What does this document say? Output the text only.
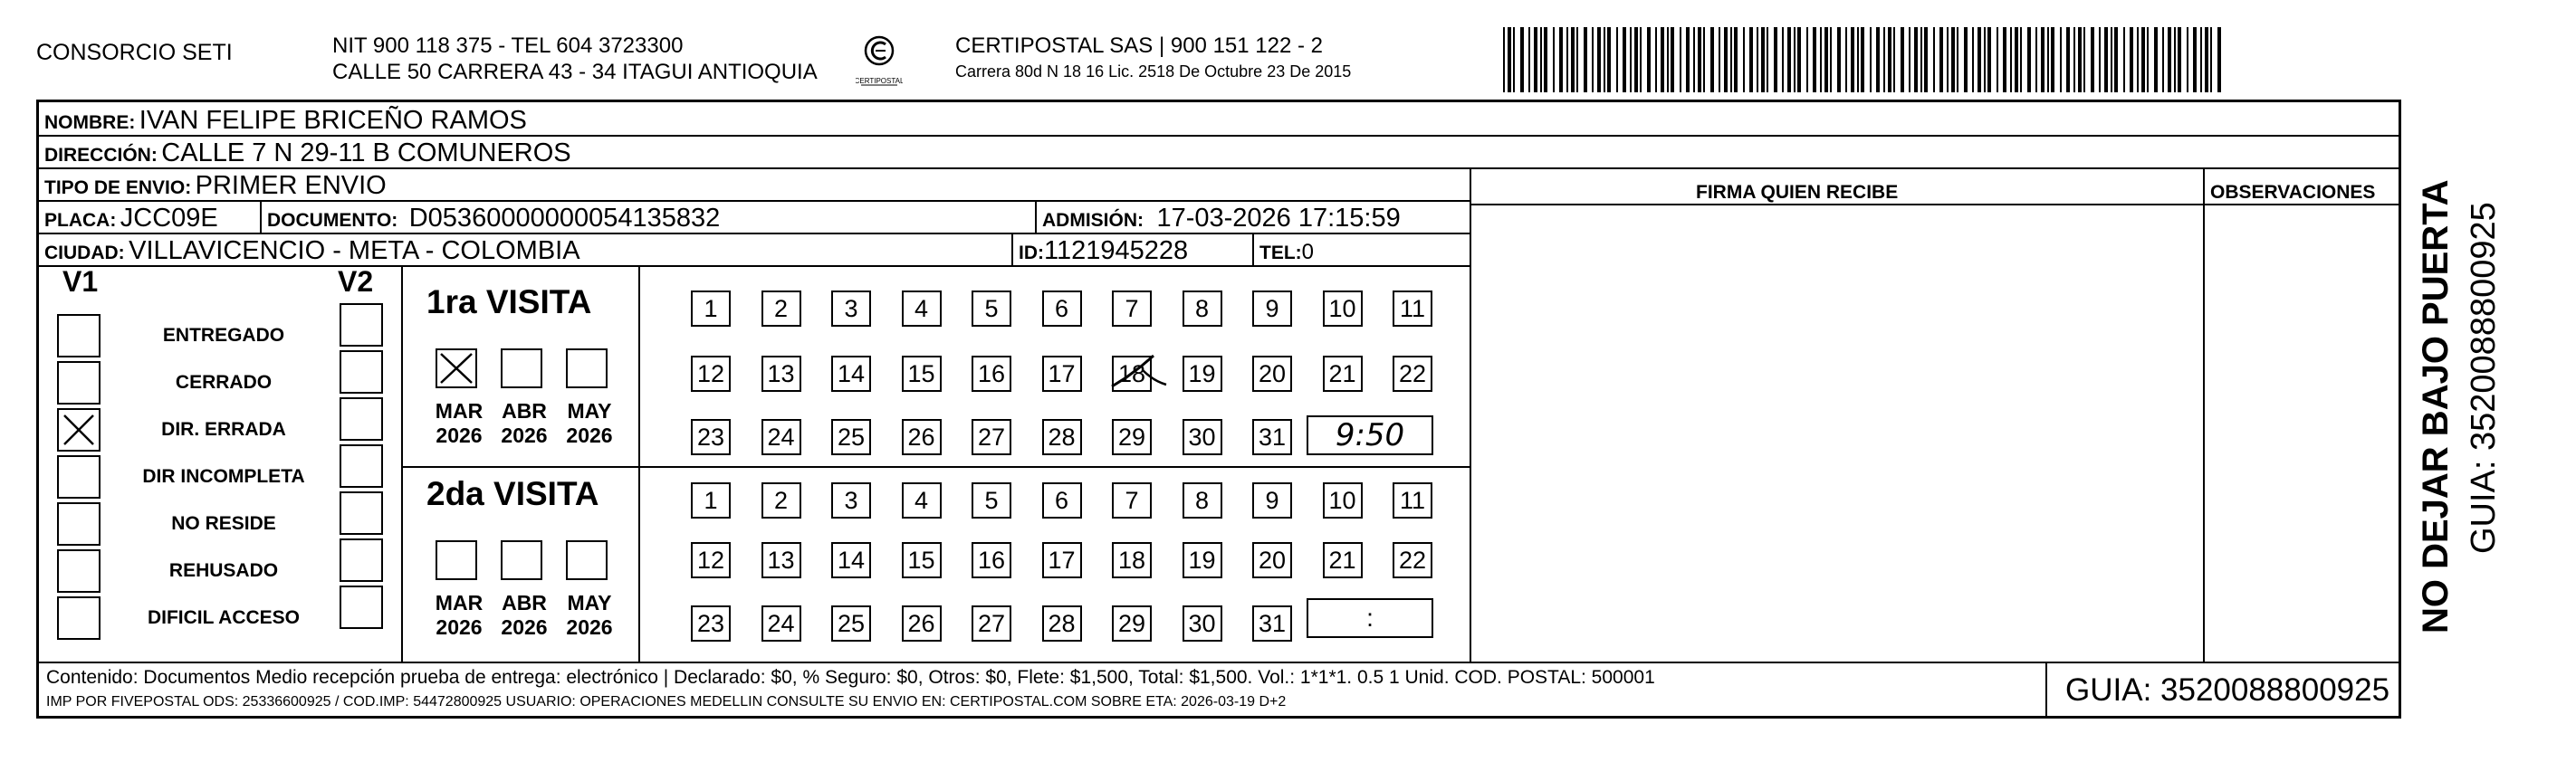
CONSORCIO SETI	NIT 900 118 375 - TEL 604 3723300
CALLE 50 CARRERA 43 - 34 ITAGUI ANTIOQUIA	CERTIPOSTAL
CERTIPOSTAL SAS | 900 151 122 - 2
Carrera 80d N 18 16 Lic. 2518 De Octubre 23 De 2015
NOMBRE: IVAN FELIPE BRICEÑO RAMOS
DIRECCIÓN: CALLE 7 N 29-11 B COMUNEROS
TIPO DE ENVIO: PRIMER ENVIO	FIRMA QUIEN RECIBE	OBSERVACIONES
PLACA: JCC09E	DOCUMENTO: D05360000000054135832	ADMISIÓN: 17-03-2026 17:15:59
CIUDAD: VILLAVICENCIO - META - COLOMBIA	ID:1121945228	TEL:0
V1	V2
ENTREGADO
CERRADO
DIR. ERRADA
DIR INCOMPLETA
NO RESIDE
REHUSADO
DIFICIL ACCESO
1ra VISITA
MAR
2026
ABR
2026
MAY
2026
1	2	3	4	5	6	7	8	9	10 11
12 13 14 15 16 17 18 19 20 21 22
23 24 25 26 27 28 29 30 31	9:50
2da VISITA
MAR
2026
ABR
2026
MAY
2026
1	2	3	4	5	6	7	8	9	10 11
12 13 14 15 16 17 18 19 20 21 22
23 24 25 26 27 28 29 30 31	:
Contenido: Documentos Medio recepción prueba de entrega: electrónico | Declarado: $0, % Seguro: $0, Otros: $0, Flete: $1,500, Total: $1,500. Vol.: 1*1*1. 0.5 1 Unid. COD. POSTAL: 500001
IMP POR FIVEPOSTAL ODS: 25336600925 / COD.IMP: 54472800925 USUARIO: OPERACIONES MEDELLIN CONSULTE SU ENVIO EN: CERTIPOSTAL.COM SOBRE ETA: 2026-03-19 D+2	GUIA: 3520088800925
NO DEJAR BAJO PUERTA GUIA: 3520088800925
